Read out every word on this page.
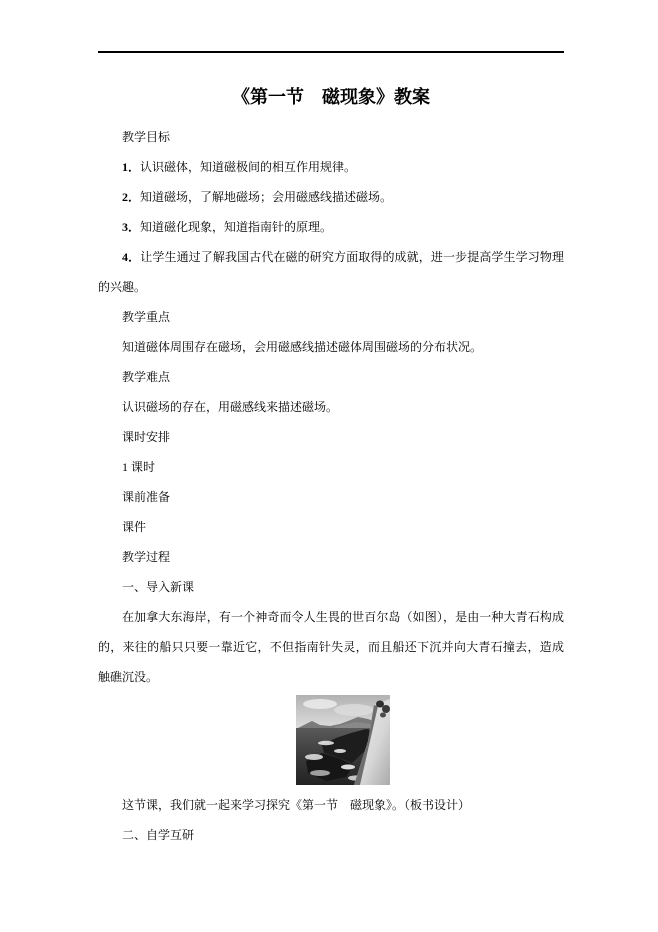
《第一节　磁现象》教案

教学目标

1．认识磁体，知道磁极间的相互作用规律。

2．知道磁场，了解地磁场；会用磁感线描述磁场。

3．知道磁化现象，知道指南针的原理。

4．让学生通过了解我国古代在磁的研究方面取得的成就，进一步提高学生学习物理的兴趣。

教学重点

知道磁体周围存在磁场，会用磁感线描述磁体周围磁场的分布状况。

教学难点

认识磁场的存在，用磁感线来描述磁场。

课时安排

1 课时

课前准备

课件

教学过程

一、导入新课

在加拿大东海岸，有一个神奇而令人生畏的世百尔岛（如图），是由一种大青石构成的，来往的船只只要一靠近它，不但指南针失灵，而且船还下沉并向大青石撞去，造成触礁沉没。

这节课，我们就一起来学习探究《第一节　磁现象》。（板书设计）

二、自学互研
